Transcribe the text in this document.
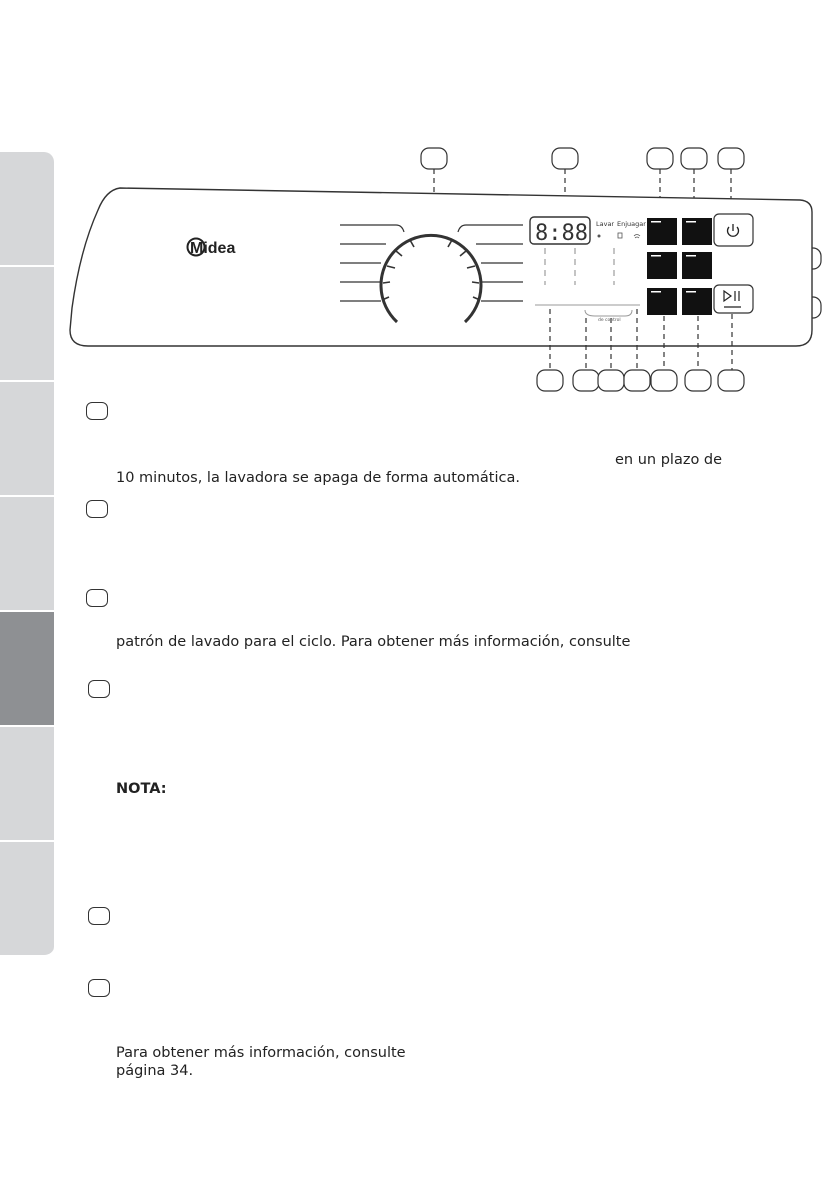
Midea
8:88 Lavar Enjuagar
de control
en un plazo de
10 minutos, la lavadora se apaga de forma automática.
patrón de lavado para el ciclo. Para obtener más información, consulte
NOTA:
Para obtener más información, consulte
página 34.
